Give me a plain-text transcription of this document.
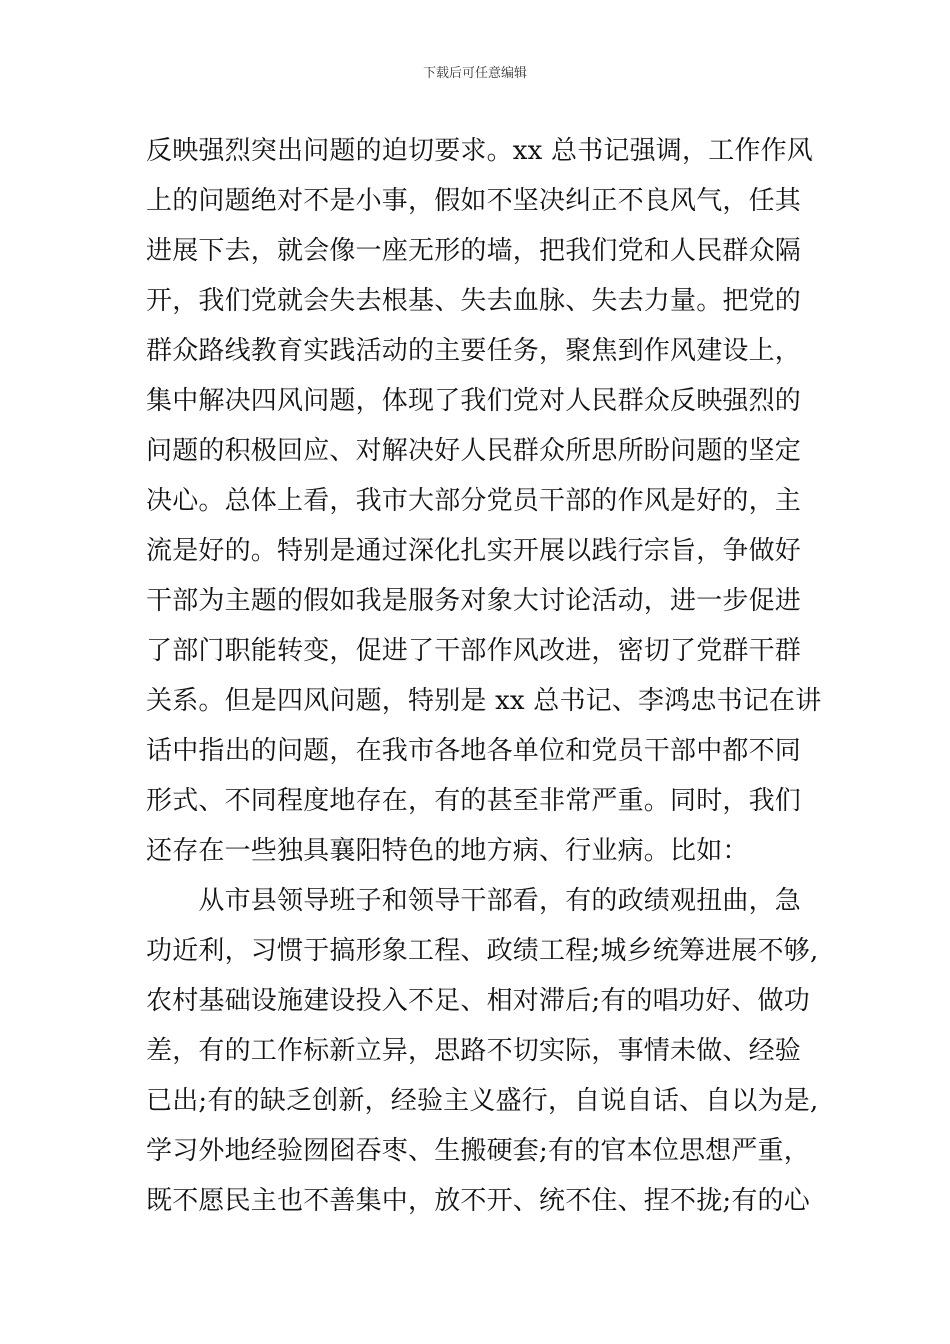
下载后可任意编辑
反映强烈突出问题的迫切要求。xx 总书记强调，工作作风
上的问题绝对不是小事，假如不坚决纠正不良风气，任其
进展下去，就会像一座无形的墙，把我们党和人民群众隔
开，我们党就会失去根基、失去血脉、失去力量。把党的
群众路线教育实践活动的主要任务，聚焦到作风建设上，
集中解决四风问题，体现了我们党对人民群众反映强烈的
问题的积极回应、对解决好人民群众所思所盼问题的坚定
决心。总体上看，我市大部分党员干部的作风是好的，主
流是好的。特别是通过深化扎实开展以践行宗旨，争做好
干部为主题的假如我是服务对象大讨论活动，进一步促进
了部门职能转变，促进了干部作风改进，密切了党群干群
关系。但是四风问题，特别是 xx 总书记、李鸿忠书记在讲
话中指出的问题，在我市各地各单位和党员干部中都不同
形式、不同程度地存在，有的甚至非常严重。同时，我们
还存在一些独具襄阳特色的地方病、行业病。比如：
　　从市县领导班子和领导干部看，有的政绩观扭曲，急
功近利，习惯于搞形象工程、政绩工程;城乡统筹进展不够,
农村基础设施建设投入不足、相对滞后;有的唱功好、做功
差，有的工作标新立异，思路不切实际，事情未做、经验
已出;有的缺乏创新，经验主义盛行，自说自话、自以为是,
学习外地经验囫囵吞枣、生搬硬套;有的官本位思想严重，
既不愿民主也不善集中，放不开、统不住、捏不拢;有的心
